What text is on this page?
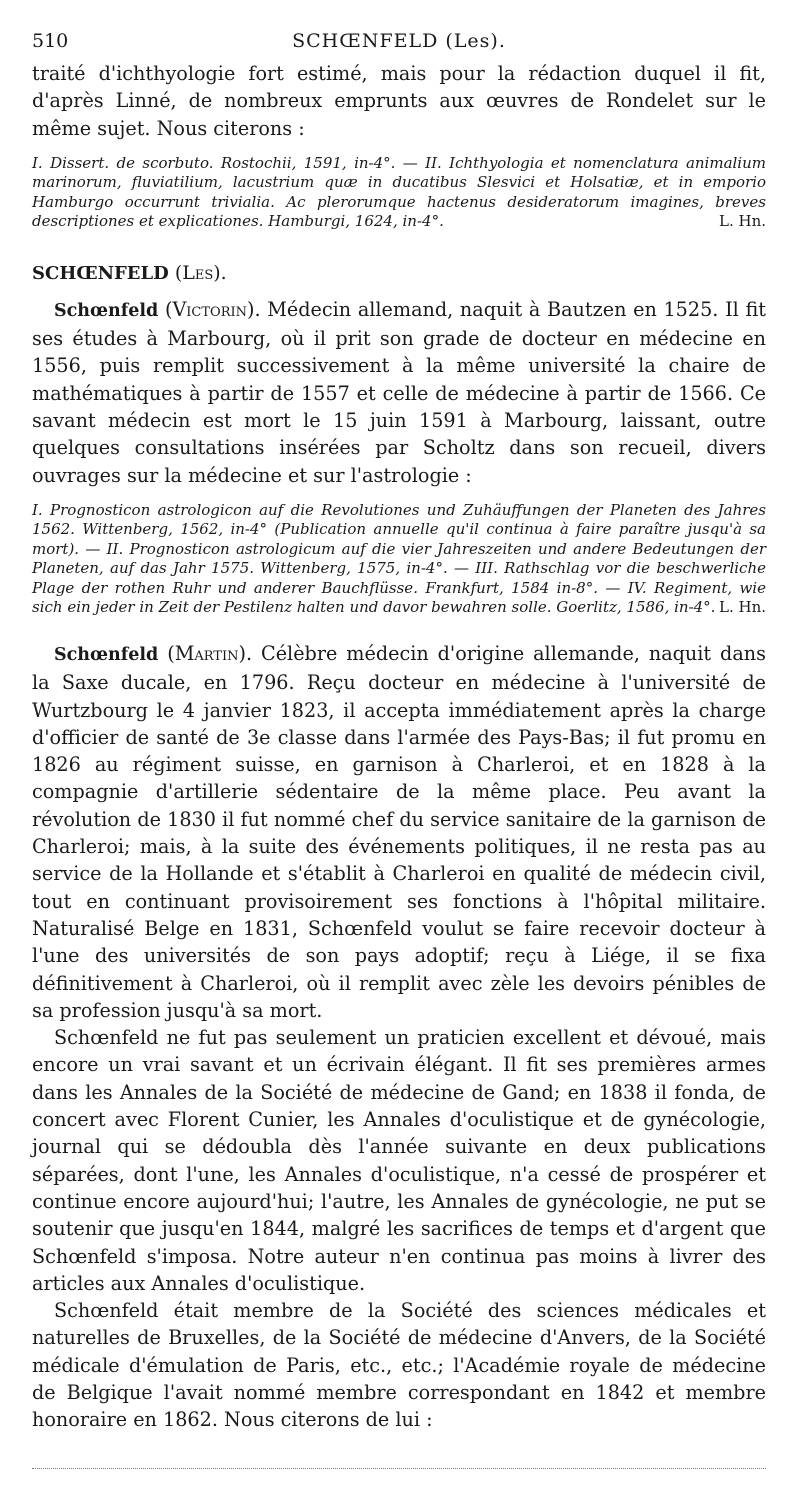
510	SCHŒNFELD (Les).

traité d'ichthyologie fort estimé, mais pour la rédaction duquel il fit, d'après Linné, de nombreux emprunts aux œuvres de Rondelet sur le même sujet. Nous citerons :

I. Dissert. de scorbuto. Rostochii, 1591, in-4°. — II. Ichthyologia et nomenclatura animalium marinorum, fluviatilium, lacustrium quæ in ducatibus Slesvici et Holsatiæ, et in emporio Hamburgo occurrunt trivialia. Ac plerorumque hactenus desideratorum imagines, breves descriptiones et explicationes. Hamburgi, 1624, in-4°.	L. Hn.

SCHŒNFELD (Les).

Schœnfeld (Victorin). Médecin allemand, naquit à Bautzen en 1525. Il fit ses études à Marbourg, où il prit son grade de docteur en médecine en 1556, puis remplit successivement à la même université la chaire de mathématiques à partir de 1557 et celle de médecine à partir de 1566. Ce savant médecin est mort le 15 juin 1591 à Marbourg, laissant, outre quelques consultations insérées par Scholtz dans son recueil, divers ouvrages sur la médecine et sur l'astrologie :

I. Prognosticon astrologicon auf die Revolutiones und Zuhäuffungen der Planeten des Jahres 1562. Wittenberg, 1562, in-4° (Publication annuelle qu'il continua à faire paraître jusqu'à sa mort). — II. Prognosticon astrologicum auf die vier Jahreszeiten und andere Bedeutungen der Planeten, auf das Jahr 1575. Wittenberg, 1575, in-4°. — III. Rathschlag vor die beschwerliche Plage der rothen Ruhr und anderer Bauchflüsse. Frankfurt, 1584 in-8°. — IV. Regiment, wie sich ein jeder in Zeit der Pestilenz halten und davor bewahren solle. Goerlitz, 1586, in-4°. L. Hn.

Schœnfeld (Martin). Célèbre médecin d'origine allemande, naquit dans la Saxe ducale, en 1796. Reçu docteur en médecine à l'université de Wurtzbourg le 4 janvier 1823, il accepta immédiatement après la charge d'officier de santé de 3e classe dans l'armée des Pays-Bas; il fut promu en 1826 au régiment suisse, en garnison à Charleroi, et en 1828 à la compagnie d'artillerie sédentaire de la même place. Peu avant la révolution de 1830 il fut nommé chef du service sanitaire de la garnison de Charleroi; mais, à la suite des événements politiques, il ne resta pas au service de la Hollande et s'établit à Charleroi en qualité de médecin civil, tout en continuant provisoirement ses fonctions à l'hôpital militaire. Naturalisé Belge en 1831, Schœnfeld voulut se faire recevoir docteur à l'une des universités de son pays adoptif; reçu à Liége, il se fixa définitivement à Charleroi, où il remplit avec zèle les devoirs pénibles de sa profession jusqu'à sa mort.

Schœnfeld ne fut pas seulement un praticien excellent et dévoué, mais encore un vrai savant et un écrivain élégant. Il fit ses premières armes dans les Annales de la Société de médecine de Gand; en 1838 il fonda, de concert avec Florent Cunier, les Annales d'oculistique et de gynécologie, journal qui se dédoubla dès l'année suivante en deux publications séparées, dont l'une, les Annales d'oculistique, n'a cessé de prospérer et continue encore aujourd'hui; l'autre, les Annales de gynécologie, ne put se soutenir que jusqu'en 1844, malgré les sacrifices de temps et d'argent que Schœnfeld s'imposa. Notre auteur n'en continua pas moins à livrer des articles aux Annales d'oculistique.

Schœnfeld était membre de la Société des sciences médicales et naturelles de Bruxelles, de la Société de médecine d'Anvers, de la Société médicale d'émulation de Paris, etc., etc.; l'Académie royale de médecine de Belgique l'avait nommé membre correspondant en 1842 et membre honoraire en 1862. Nous citerons de lui :
